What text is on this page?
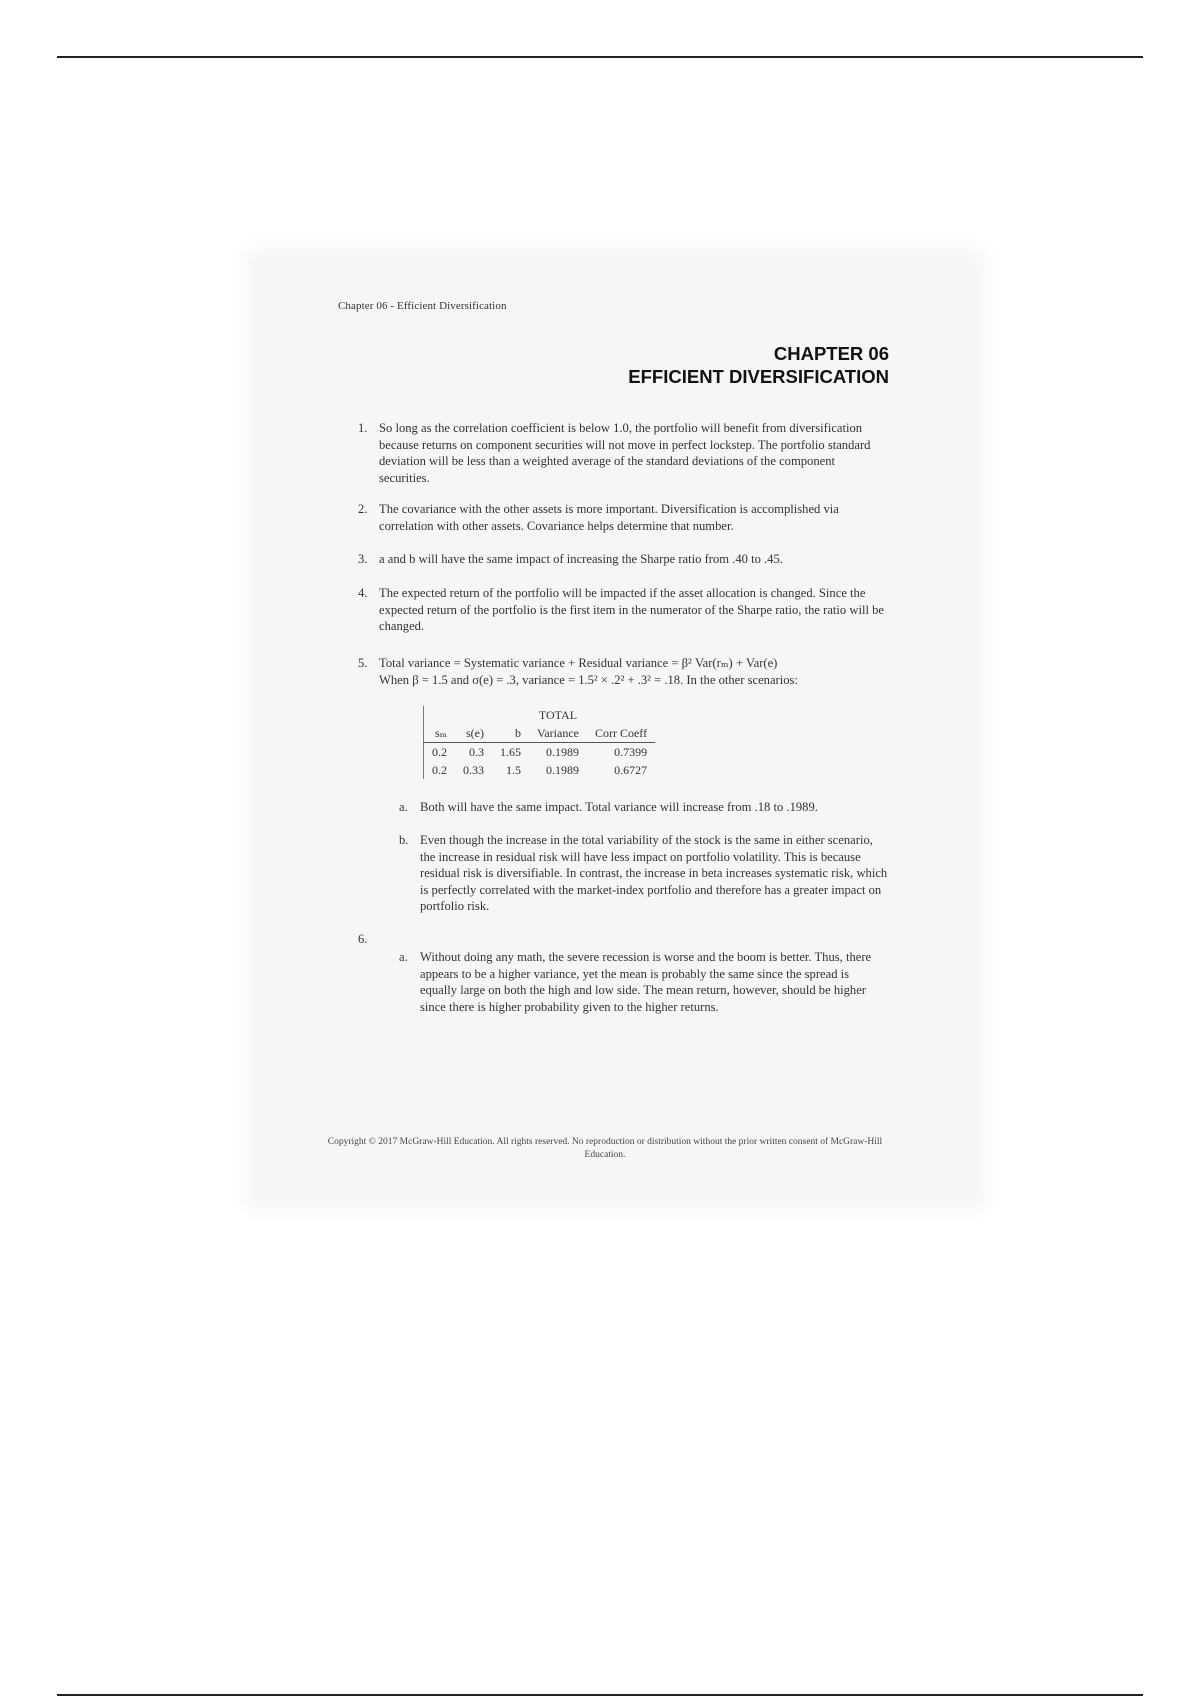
Chapter 06 - Efficient Diversification
CHAPTER 06
EFFICIENT DIVERSIFICATION
1. So long as the correlation coefficient is below 1.0, the portfolio will benefit from diversification because returns on component securities will not move in perfect lockstep. The portfolio standard deviation will be less than a weighted average of the standard deviations of the component securities.
2. The covariance with the other assets is more important. Diversification is accomplished via correlation with other assets. Covariance helps determine that number.
3. a and b will have the same impact of increasing the Sharpe ratio from .40 to .45.
4. The expected return of the portfolio will be impacted if the asset allocation is changed. Since the expected return of the portfolio is the first item in the numerator of the Sharpe ratio, the ratio will be changed.
5. Total variance = Systematic variance + Residual variance = β² Var(rₘ) + Var(e)
When β = 1.5 and σ(e) = .3, variance = 1.5² × .2² + .3² = .18. In the other scenarios:
			TOTAL	
sₘ	s(e)	b	Variance	Corr Coeff
0.2	0.3	1.65	0.1989	0.7399
0.2	0.33	1.5	0.1989	0.6727
a. Both will have the same impact. Total variance will increase from .18 to .1989.
b. Even though the increase in the total variability of the stock is the same in either scenario, the increase in residual risk will have less impact on portfolio volatility. This is because residual risk is diversifiable. In contrast, the increase in beta increases systematic risk, which is perfectly correlated with the market-index portfolio and therefore has a greater impact on portfolio risk.
6.
a. Without doing any math, the severe recession is worse and the boom is better. Thus, there appears to be a higher variance, yet the mean is probably the same since the spread is equally large on both the high and low side. The mean return, however, should be higher since there is higher probability given to the higher returns.
Copyright © 2017 McGraw-Hill Education. All rights reserved. No reproduction or distribution without the prior written consent of McGraw-Hill Education.
